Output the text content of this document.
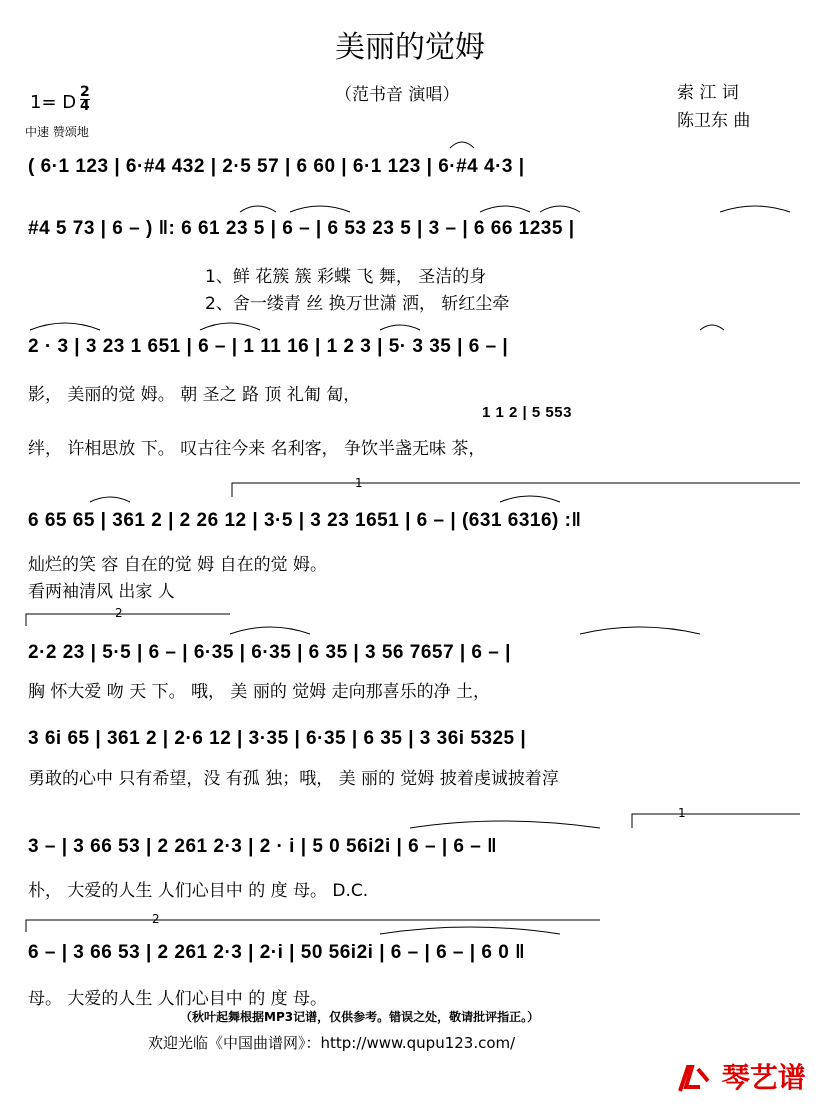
美丽的觉姆
（范书音 演唱）	索 江 词
陈卫东 曲
1= D $\frac{2}{4}$
中速 赞颂地
( 6·1 123 | 6·#4 432 | 2·5 57 | 6 60 | 6·1 123 | 6·#4 4·3 |
#4 5 73 | 6 – ) ‖: 6 61 23 5 | 6 – | 6 53 23 5 | 3 – | 6 66 1235 |
1、鲜 花簇 簇 彩蝶 飞 舞， 圣洁的身
2、舍一缕青 丝 换万世潇 洒， 斩红尘牵
2 · 3 | 3 23 1 651 | 6 – | 1 11 16 | 1 2 3 | 5· 3 35 | 6 – |
影， 美丽的觉 姆。 朝 圣之 路 顶 礼匍 匐，
1 1 2 | 5 553
绊， 许相思放 下。 叹古往今来 名利客， 争饮半盏无味 茶，
1
6 65 65 | 361 2 | 2 26 12 | 3·5 | 3 23 1651 | 6 – | (631 6316) :‖
灿烂的笑 容 自在的觉 姆 自在的觉 姆。
看两袖清风 出家 人
2
2·2 23 | 5·5 | 6 – | 6·35 | 6·35 | 6 35 | 3 56 7657 | 6 – |
胸 怀大爱 吻 天 下。 哦， 美 丽的 觉姆 走向那喜乐的净 土，
3 6i 65 | 361 2 | 2·6 12 | 3·35 | 6·35 | 6 35 | 3 36i 5325 |
勇敢的心中 只有希望，没 有孤 独；哦， 美 丽的 觉姆 披着虔诚披着淳
1
3 – | 3 66 53 | 2 261 2·3 | 2 · i | 5 0 56i2i | 6 – | 6 – ‖
朴， 大爱的人生 人们心目中 的 度 母。 D.C.
2
6 – | 3 66 53 | 2 261 2·3 | 2·i | 50 56i2i | 6 – | 6 – | 6 0 ‖
母。 大爱的人生 人们心目中 的 度 母。
（秋叶起舞根据MP3记谱，仅供参考。错误之处，敬请批评指正。）
欢迎光临《中国曲谱网》：http://www.qupu123.com/
琴艺谱
